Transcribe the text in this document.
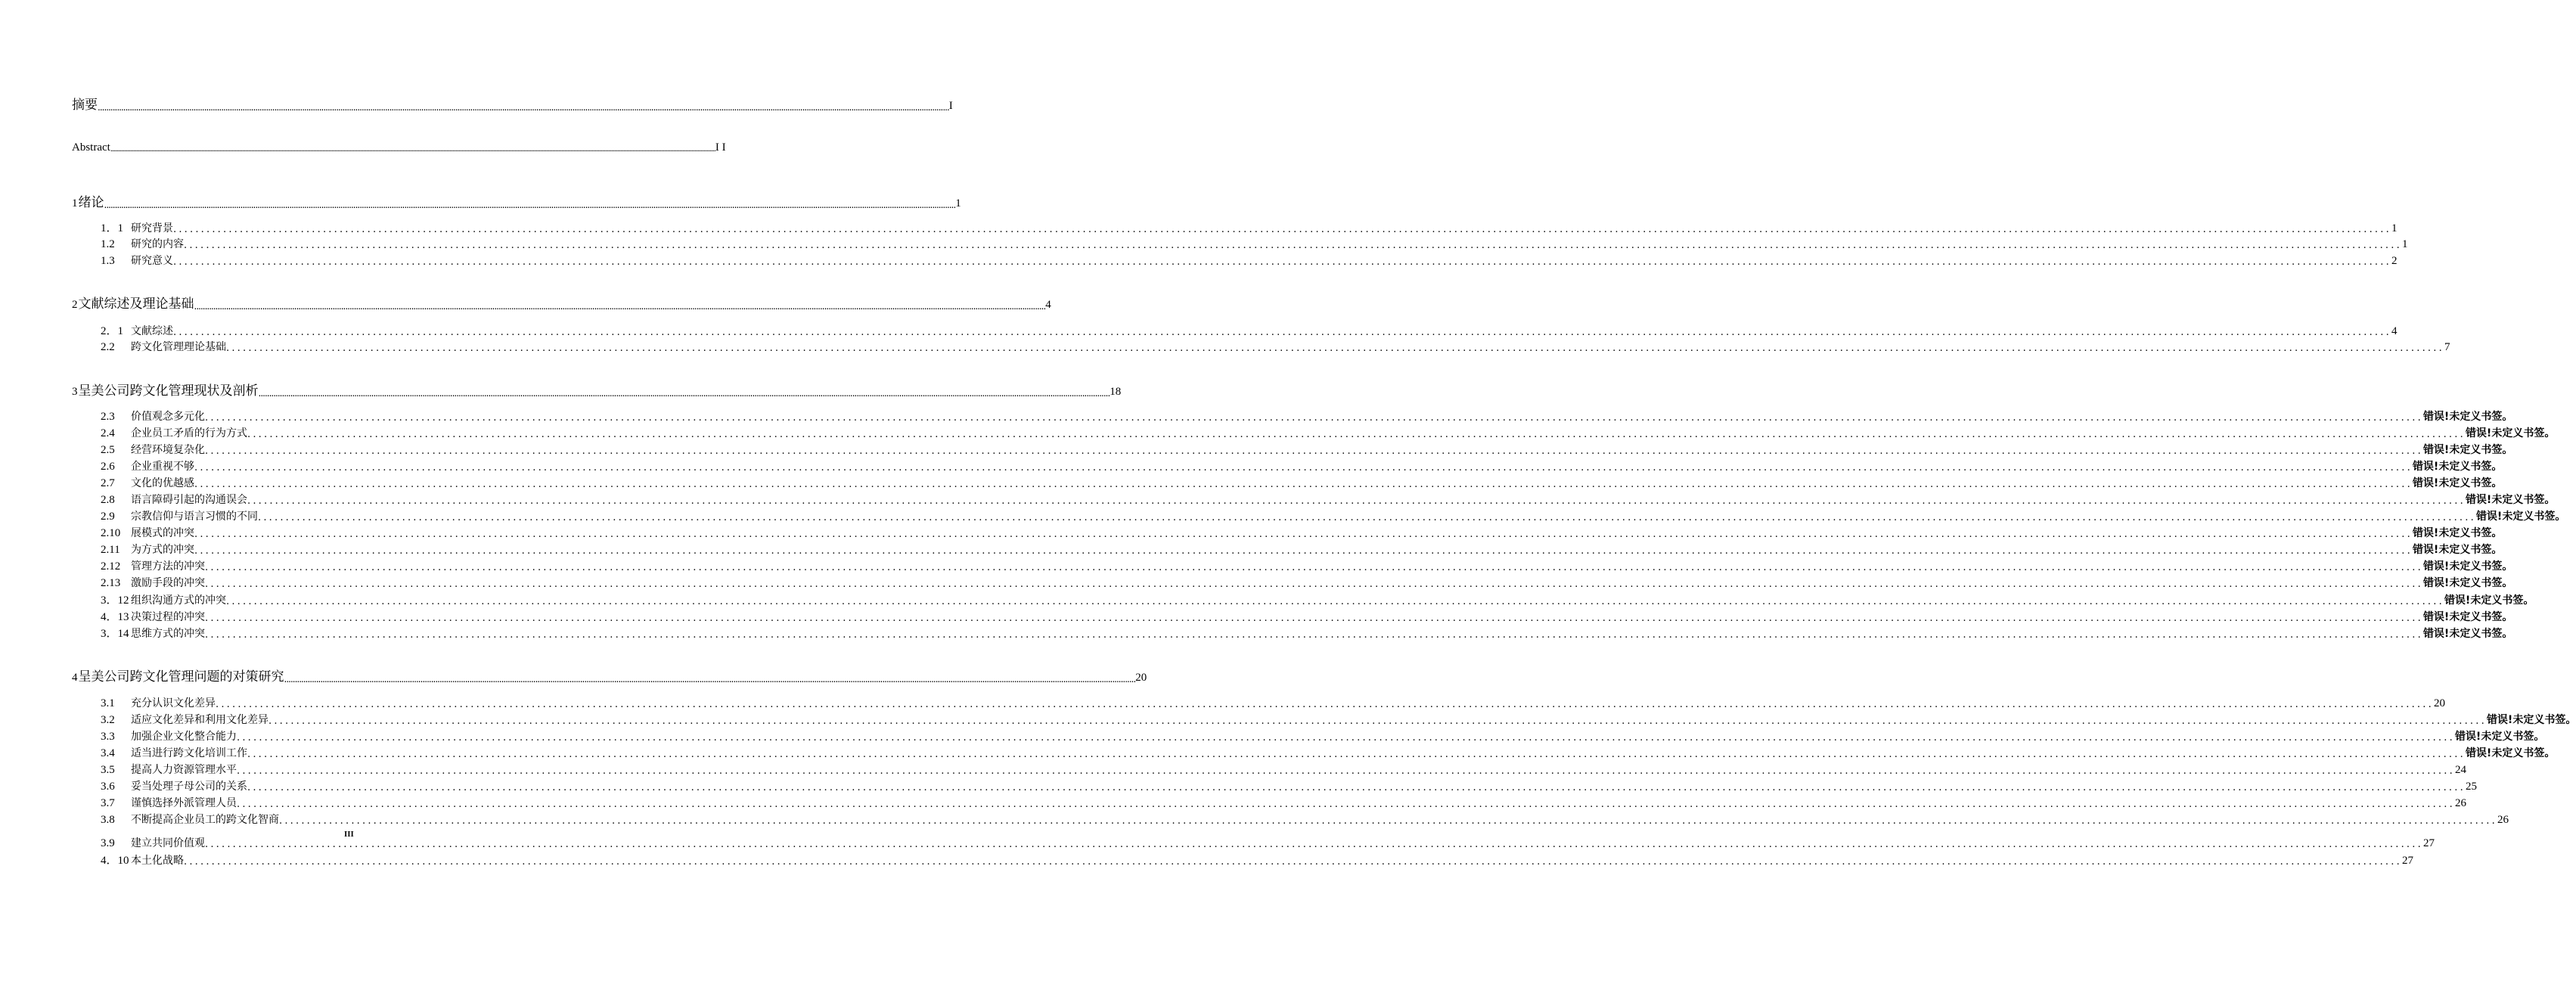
摘要 ................................................................................................................................................................................................................................................................................................................................................................................................................ I
Abstract ................................................................................................................................................................................................................................................................................................................................................................................................................ I I
1绪论 ................................................................................................................................................................................................................................................................................................................................................................................................................ 1
1．1 研究背景 ................................................................................................................................................................................................................................................................................................................................................................................................................ 1
1.2 研究的内容 ................................................................................................................................................................................................................................................................................................................................................................................................................ 1
1.3 研究意义 ................................................................................................................................................................................................................................................................................................................................................................................................................ 2
2文献综述及理论基础 ................................................................................................................................................................................................................................................................................................................................................................................................................ 4
2．1 文献综述 ................................................................................................................................................................................................................................................................................................................................................................................................................ 4
2.2 跨文化管理理论基础 ................................................................................................................................................................................................................................................................................................................................................................................................................ 7
3呈美公司跨文化管理现状及剖析 ................................................................................................................................................................................................................................................................................................................................................................................................................ 18
2.3 价值观念多元化 ................................................................................................................................................................................................................................................................................................................................................................................................................ 错误!未定义书签。
2.4 企业员工矛盾的行为方式 ................................................................................................................................................................................................................................................................................................................................................................................................................ 错误!未定义书签。
2.5 经营环境复杂化 ................................................................................................................................................................................................................................................................................................................................................................................................................ 错误!未定义书签。
2.6 企业重视不够 ................................................................................................................................................................................................................................................................................................................................................................................................................ 错误!未定义书签。
2.7 文化的优越感 ................................................................................................................................................................................................................................................................................................................................................................................................................ 错误!未定义书签。
2.8 语言障碍引起的沟通误会 ................................................................................................................................................................................................................................................................................................................................................................................................................ 错误!未定义书签。
2.9 宗教信仰与语言习惯的不同 ................................................................................................................................................................................................................................................................................................................................................................................................................ 错误!未定义书签。
2.10 展模式的冲突 ................................................................................................................................................................................................................................................................................................................................................................................................................ 错误!未定义书签。
2.11 为方式的冲突 ................................................................................................................................................................................................................................................................................................................................................................................................................ 错误!未定义书签。
2.12 管理方法的冲突 ................................................................................................................................................................................................................................................................................................................................................................................................................ 错误!未定义书签。
2.13 激励手段的冲突 ................................................................................................................................................................................................................................................................................................................................................................................................................ 错误!未定义书签。
3．12 组织沟通方式的冲突 ................................................................................................................................................................................................................................................................................................................................................................................................................ 错误!未定义书签。
4．13 决策过程的冲突 ................................................................................................................................................................................................................................................................................................................................................................................................................ 错误!未定义书签。
3．14 思维方式的冲突 ................................................................................................................................................................................................................................................................................................................................................................................................................ 错误!未定义书签。
4呈美公司跨文化管理问题的对策研究 ................................................................................................................................................................................................................................................................................................................................................................................................................ 20
3.1 充分认识文化差异 ................................................................................................................................................................................................................................................................................................................................................................................................................ 20
3.2 适应文化差异和利用文化差异 ................................................................................................................................................................................................................................................................................................................................................................................................................ 错误!未定义书签。
3.3 加强企业文化整合能力 ................................................................................................................................................................................................................................................................................................................................................................................................................ 错误!未定义书签。
3.4 适当进行跨文化培训工作 ................................................................................................................................................................................................................................................................................................................................................................................................................ 错误!未定义书签。
3.5 提高人力资源管理水平 ................................................................................................................................................................................................................................................................................................................................................................................................................ 24
3.6 妥当处理子母公司的关系 ................................................................................................................................................................................................................................................................................................................................................................................................................ 25
3.7 谨慎选择外派管理人员 ................................................................................................................................................................................................................................................................................................................................................................................................................ 26
3.8 不断提高企业员工的跨文化智商 ................................................................................................................................................................................................................................................................................................................................................................................................................ 26
3.9 建立共同价值观 ................................................................................................................................................................................................................................................................................................................................................................................................................ 27
4．10 本土化战略 ................................................................................................................................................................................................................................................................................................................................................................................................................ 27
III
